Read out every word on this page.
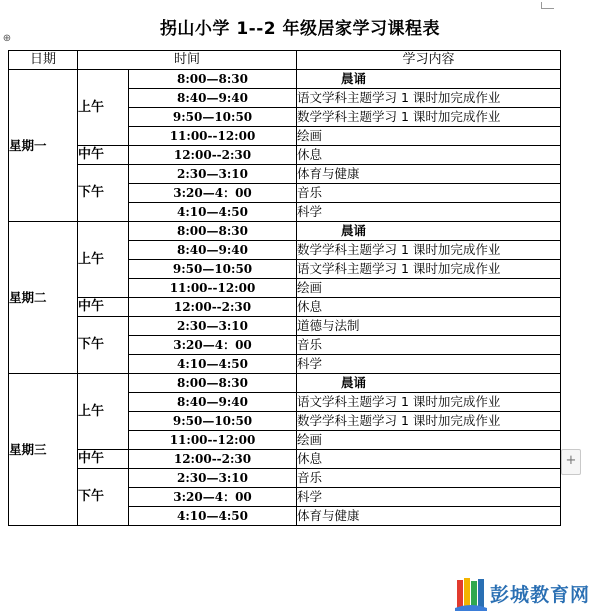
拐山小学 1--2 年级居家学习课程表
⊕
日期	时间		学习内容
星期一	上午	8:00—8:30	晨诵
		8:40—9:40	语文学科主题学习 1 课时加完成作业
		9:50—10:50	数学学科主题学习 1 课时加完成作业
		11:00--12:00	绘画
	中午	12:00--2:30	休息
	下午	2:30—3:10	体育与健康
		3:20—4：00	音乐
		4:10—4:50	科学
星期二	上午	8:00—8:30	晨诵
		8:40—9:40	数学学科主题学习 1 课时加完成作业
		9:50—10:50	语文学科主题学习 1 课时加完成作业
		11:00--12:00	绘画
	中午	12:00--2:30	休息
	下午	2:30—3:10	道德与法制
		3:20—4：00	音乐
		4:10—4:50	科学
星期三	上午	8:00—8:30	晨诵
		8:40—9:40	语文学科主题学习 1 课时加完成作业
		9:50—10:50	数学学科主题学习 1 课时加完成作业
		11:00--12:00	绘画
	中午	12:00--2:30	休息
	下午	2:30—3:10	音乐
		3:20—4：00	科学
		4:10—4:50	体育与健康
+
彭城教育网
